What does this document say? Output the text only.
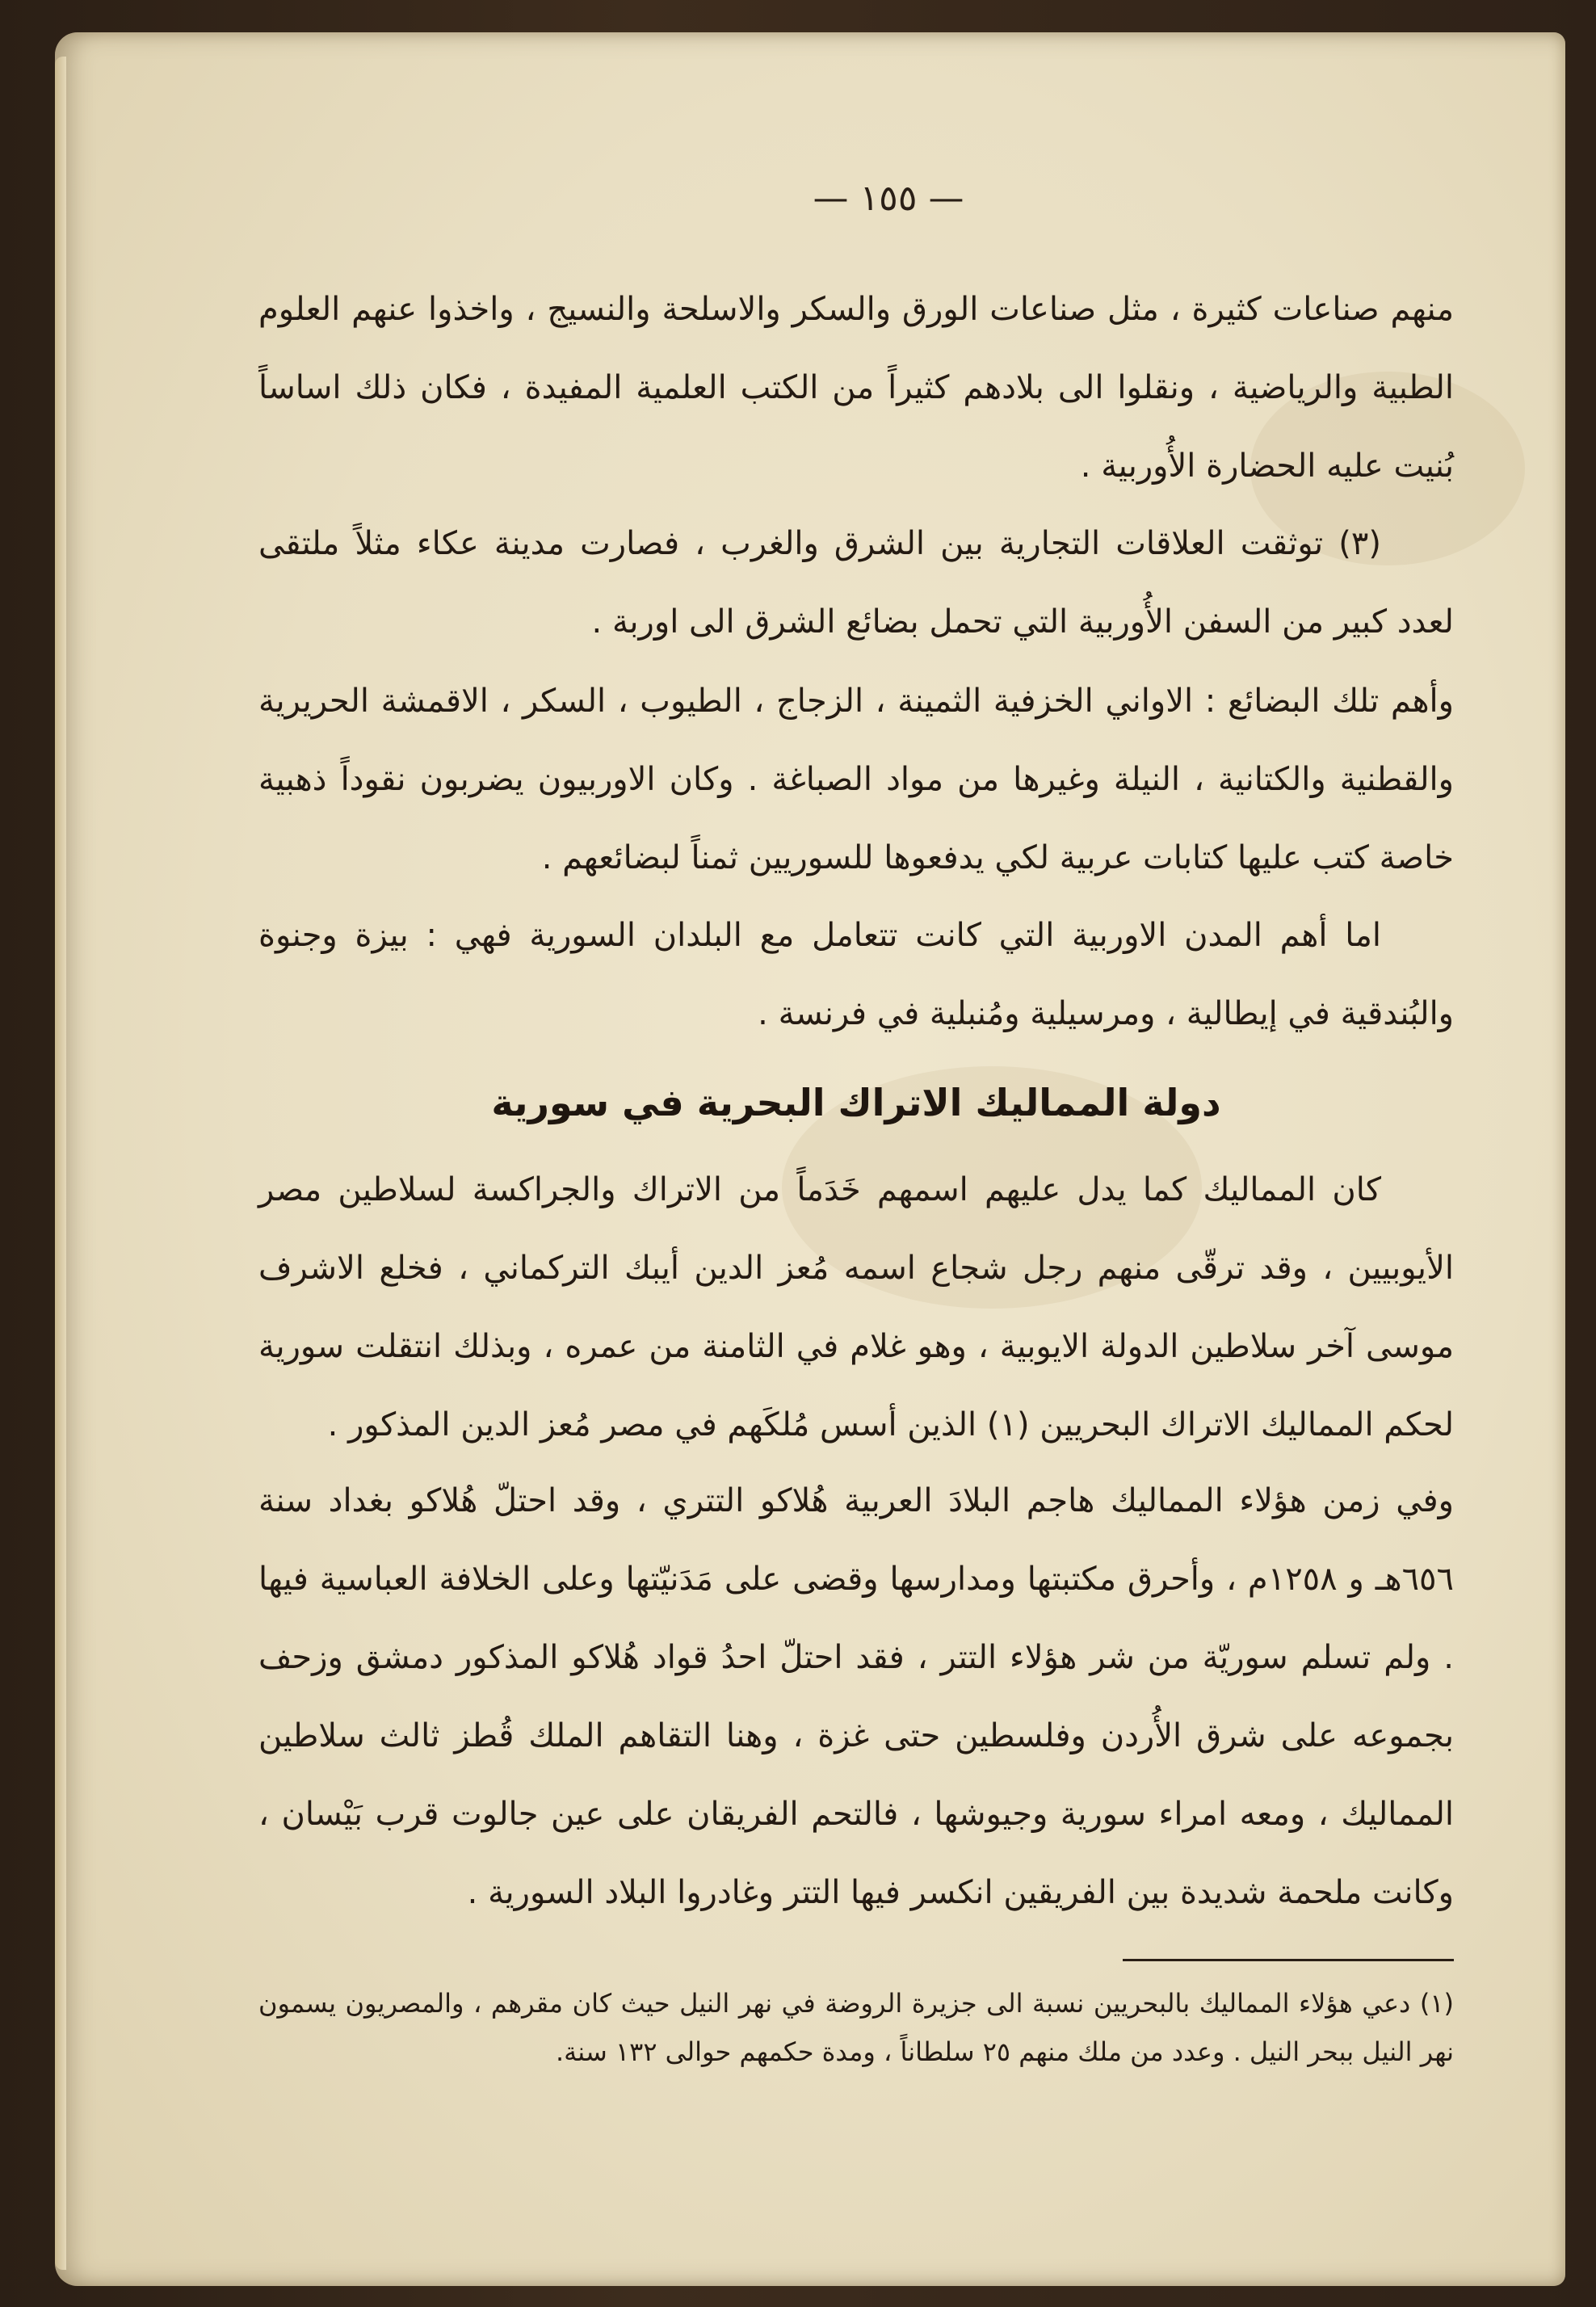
— ١٥٥ —

منهم صناعات كثيرة ، مثل صناعات الورق والسكر والاسلحة والنسيج ، واخذوا عنهم العلوم الطبية والرياضية ، ونقلوا الى بلادهم كثيراً من الكتب العلمية المفيدة ، فكان ذلك اساساً بُنيت عليه الحضارة الأُوربية .

(٣) توثقت العلاقات التجارية بين الشرق والغرب ، فصارت مدينة عكاء مثلاً ملتقى لعدد كبير من السفن الأُوربية التي تحمل بضائع الشرق الى اوربة .

وأهم تلك البضائع : الاواني الخزفية الثمينة ، الزجاج ، الطيوب ، السكر ، الاقمشة الحريرية والقطنية والكتانية ، النيلة وغيرها من مواد الصباغة . وكان الاوربيون يضربون نقوداً ذهبية خاصة كتب عليها كتابات عربية لكي يدفعوها للسوريين ثمناً لبضائعهم .

اما أهم المدن الاوربية التي كانت تتعامل مع البلدان السورية فهي : بيزة وجنوة والبُندقية في إيطالية ، ومرسيلية ومُنبلية في فرنسة .

دولة المماليك الاتراك البحرية في سورية

كان المماليك كما يدل عليهم اسمهم خَدَماً من الاتراك والجراكسة لسلاطين مصر الأيوبيين ، وقد ترقّى منهم رجل شجاع اسمه مُعز الدين أيبك التركماني ، فخلع الاشرف موسى آخر سلاطين الدولة الايوبية ، وهو غلام في الثامنة من عمره ، وبذلك انتقلت سورية لحكم المماليك الاتراك البحريين (١) الذين أسس مُلكَهم في مصر مُعز الدين المذكور .

وفي زمن هؤلاء المماليك هاجم البلادَ العربية هُلاكو التتري ، وقد احتلّ هُلاكو بغداد سنة ٦٥٦هـ و ١٢٥٨م ، وأحرق مكتبتها ومدارسها وقضى على مَدَنيّتها وعلى الخلافة العباسية فيها . ولم تسلم سوريّة من شر هؤلاء التتر ، فقد احتلّ احدُ قواد هُلاكو المذكور دمشق وزحف بجموعه على شرق الأُردن وفلسطين حتى غزة ، وهنا التقاهم الملك قُطز ثالث سلاطين المماليك ، ومعه امراء سورية وجيوشها ، فالتحم الفريقان على عين جالوت قرب بَيْسان ، وكانت ملحمة شديدة بين الفريقين انكسر فيها التتر وغادروا البلاد السورية .

(١) دعي هؤلاء المماليك بالبحريين نسبة الى جزيرة الروضة في نهر النيل حيث كان مقرهم ، والمصريون يسمون نهر النيل ببحر النيل . وعدد من ملك منهم ٢٥ سلطاناً ، ومدة حكمهم حوالى ١٣٢ سنة.
